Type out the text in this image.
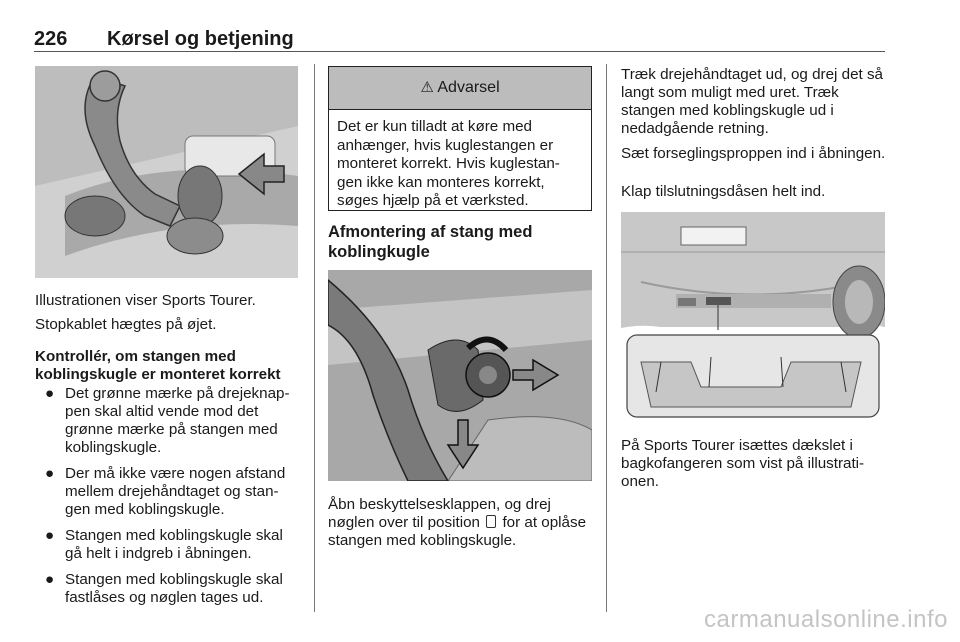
226 Kørsel og betjening

Illustrationen viser Sports Tourer.

Stopkablet hægtes på øjet.

Kontrollér, om stangen med
koblingskugle er monteret korrekt
● Det grønne mærke på drejeknap- pen skal altid vende mod det grønne mærke på stangen med koblingskugle.
● Der må ikke være nogen afstand mellem drejehåndtaget og stan- gen med koblingskugle.
● Stangen med koblingskugle skal gå helt i indgreb i åbningen.
● Stangen med koblingskugle skal fastlåses og nøglen tages ud.
⚠ Advarsel
Det er kun tilladt at køre med anhænger, hvis kuglestangen er monteret korrekt. Hvis kuglestan- gen ikke kan monteres korrekt, søges hjælp på et værksted.
Afmontering af stang med
koblingkugle

Åbn beskyttelsesklappen, og drej nøglen over til position for at oplåse stangen med koblingskugle.

Træk drejehåndtaget ud, og drej det så langt som muligt med uret. Træk stangen med koblingskugle ud i nedadgående retning.

Sæt forseglingsproppen ind i åbningen.

Klap tilslutningsdåsen helt ind.

På Sports Tourer isættes dækslet i bagkofangeren som vist på illustrati- onen.

carmanualsonline.info
